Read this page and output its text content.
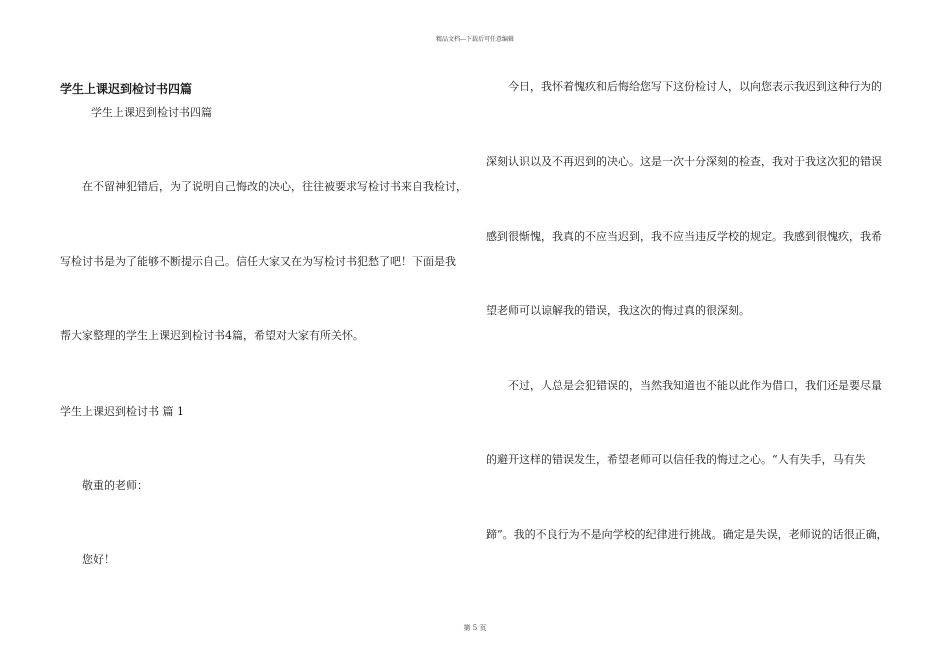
精品文档---下载后可任意编辑
学生上课迟到检讨书四篇
学生上课迟到检讨书四篇
在不留神犯错后，为了说明自己悔改的决心，往往被要求写检讨书来自我检讨，
写检讨书是为了能够不断提示自己。信任大家又在为写检讨书犯愁了吧！下面是我
帮大家整理的学生上课迟到检讨书4篇，希望对大家有所关怀。
学生上课迟到检讨书 篇 1
敬重的老师：
您好！
今日，我怀着愧疚和后悔给您写下这份检讨人，以向您表示我迟到这种行为的
深刻认识以及不再迟到的决心。这是一次十分深刻的检查，我对于我这次犯的错误
感到很惭愧，我真的不应当迟到，我不应当违反学校的规定。我感到很愧疚，我希
望老师可以谅解我的错误，我这次的悔过真的很深刻。
不过，人总是会犯错误的，当然我知道也不能以此作为借口，我们还是要尽量
的避开这样的错误发生，希望老师可以信任我的悔过之心。“人有失手，马有失
蹄”。我的不良行为不是向学校的纪律进行挑战。确定是失误，老师说的话很正确，
第 5 页
